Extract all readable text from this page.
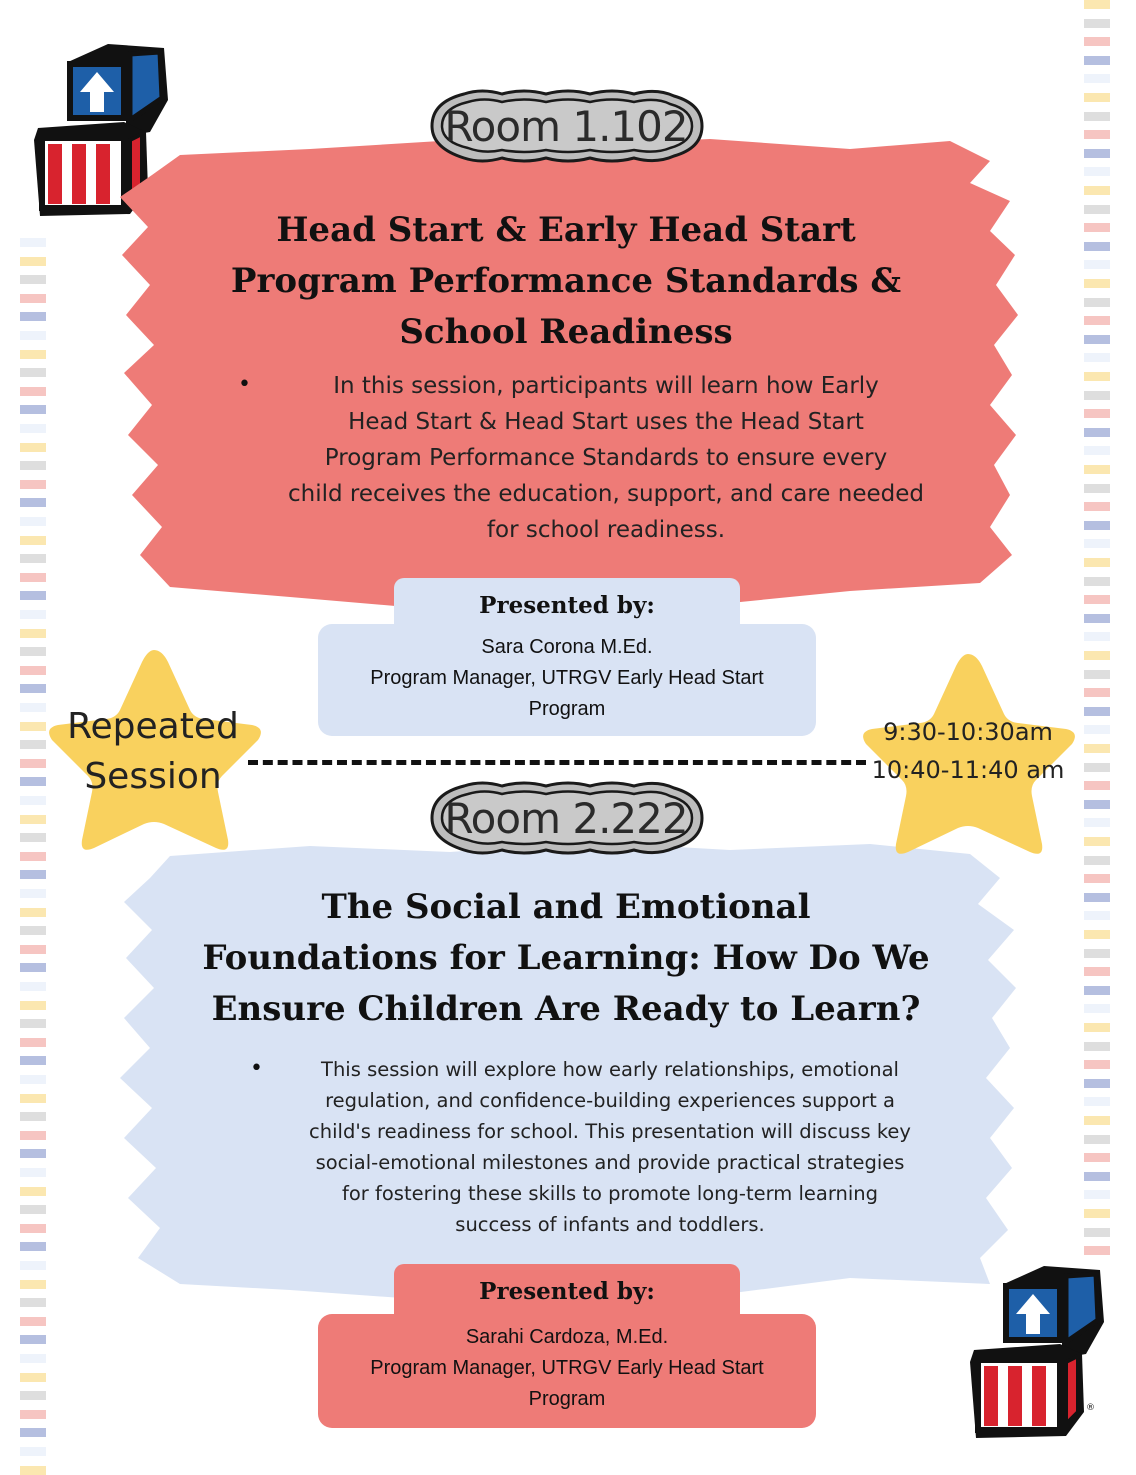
®
Room 1.102
Head Start & Early Head Start
Program Performance Standards &
School Readiness
•	In this session, participants will learn how Early
Head Start & Head Start uses the Head Start
Program Performance Standards to ensure every
child receives the education, support, and care needed
for school readiness.
Presented by:
Sara Corona M.Ed.
Program Manager, UTRGV Early Head Start
Program
Repeated
Session
9:30-10:30am
10:40-11:40 am
Room 2.222
The Social and Emotional
Foundations for Learning: How Do We
Ensure Children Are Ready to Learn?
•	This session will explore how early relationships, emotional
regulation, and confidence-building experiences support a
child's readiness for school. This presentation will discuss key
social-emotional milestones and provide practical strategies
for fostering these skills to promote long-term learning
success of infants and toddlers.
Presented by:
Sarahi Cardoza, M.Ed.
Program Manager, UTRGV Early Head Start
Program
